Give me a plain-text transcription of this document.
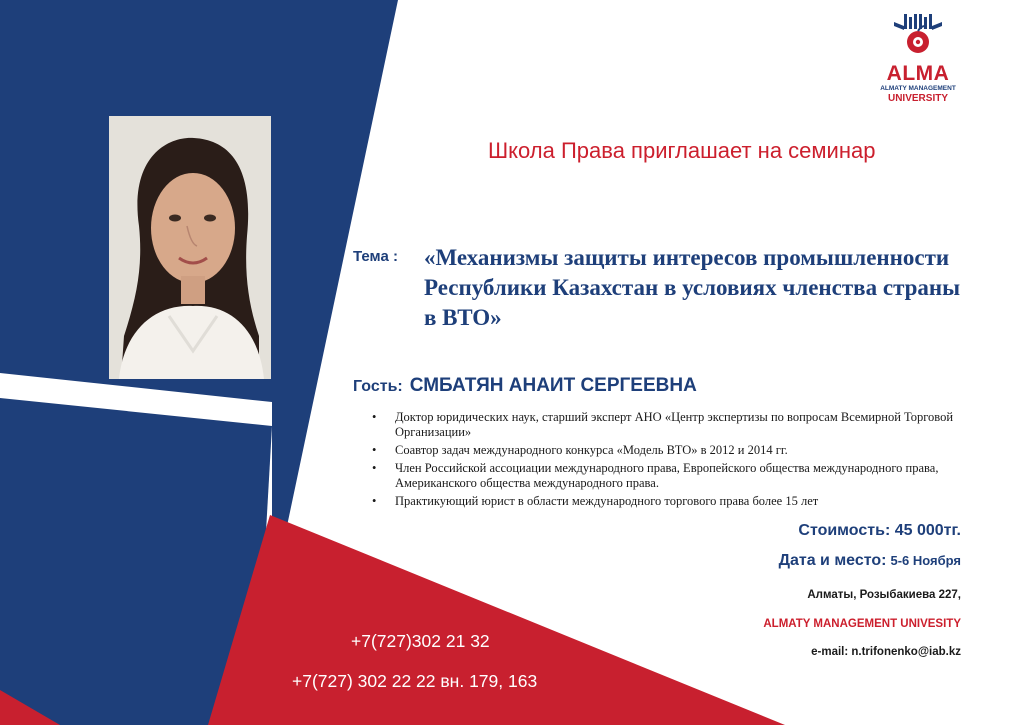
ALMA
ALMATY MANAGEMENT
UNIVERSITY
Школа Права приглашает на семинар
Тема : «Механизмы защиты интересов промышленности Республики Казахстан в условиях членства страны в ВТО»
Гость: СМБАТЯН АНАИТ СЕРГЕЕВНА
• Доктор юридических наук, старший эксперт АНО «Центр экспертизы по вопросам Всемирной Торговой Организации»
• Соавтор задач международного конкурса «Модель ВТО» в 2012 и 2014 гг.
• Член Российской ассоциации международного права, Европейского общества международного права, Американского общества международного права.
• Практикующий юрист в области международного торгового права более 15 лет
Стоимость: 45 000тг.
Дата и место: 5-6 Ноября
Алматы, Розыбакиева 227,
ALMATY MANAGEMENT UNIVESITY
e-mail: n.trifonenko@iab.kz
+7(727)302 21 32
+7(727) 302 22 22 вн. 179, 163
